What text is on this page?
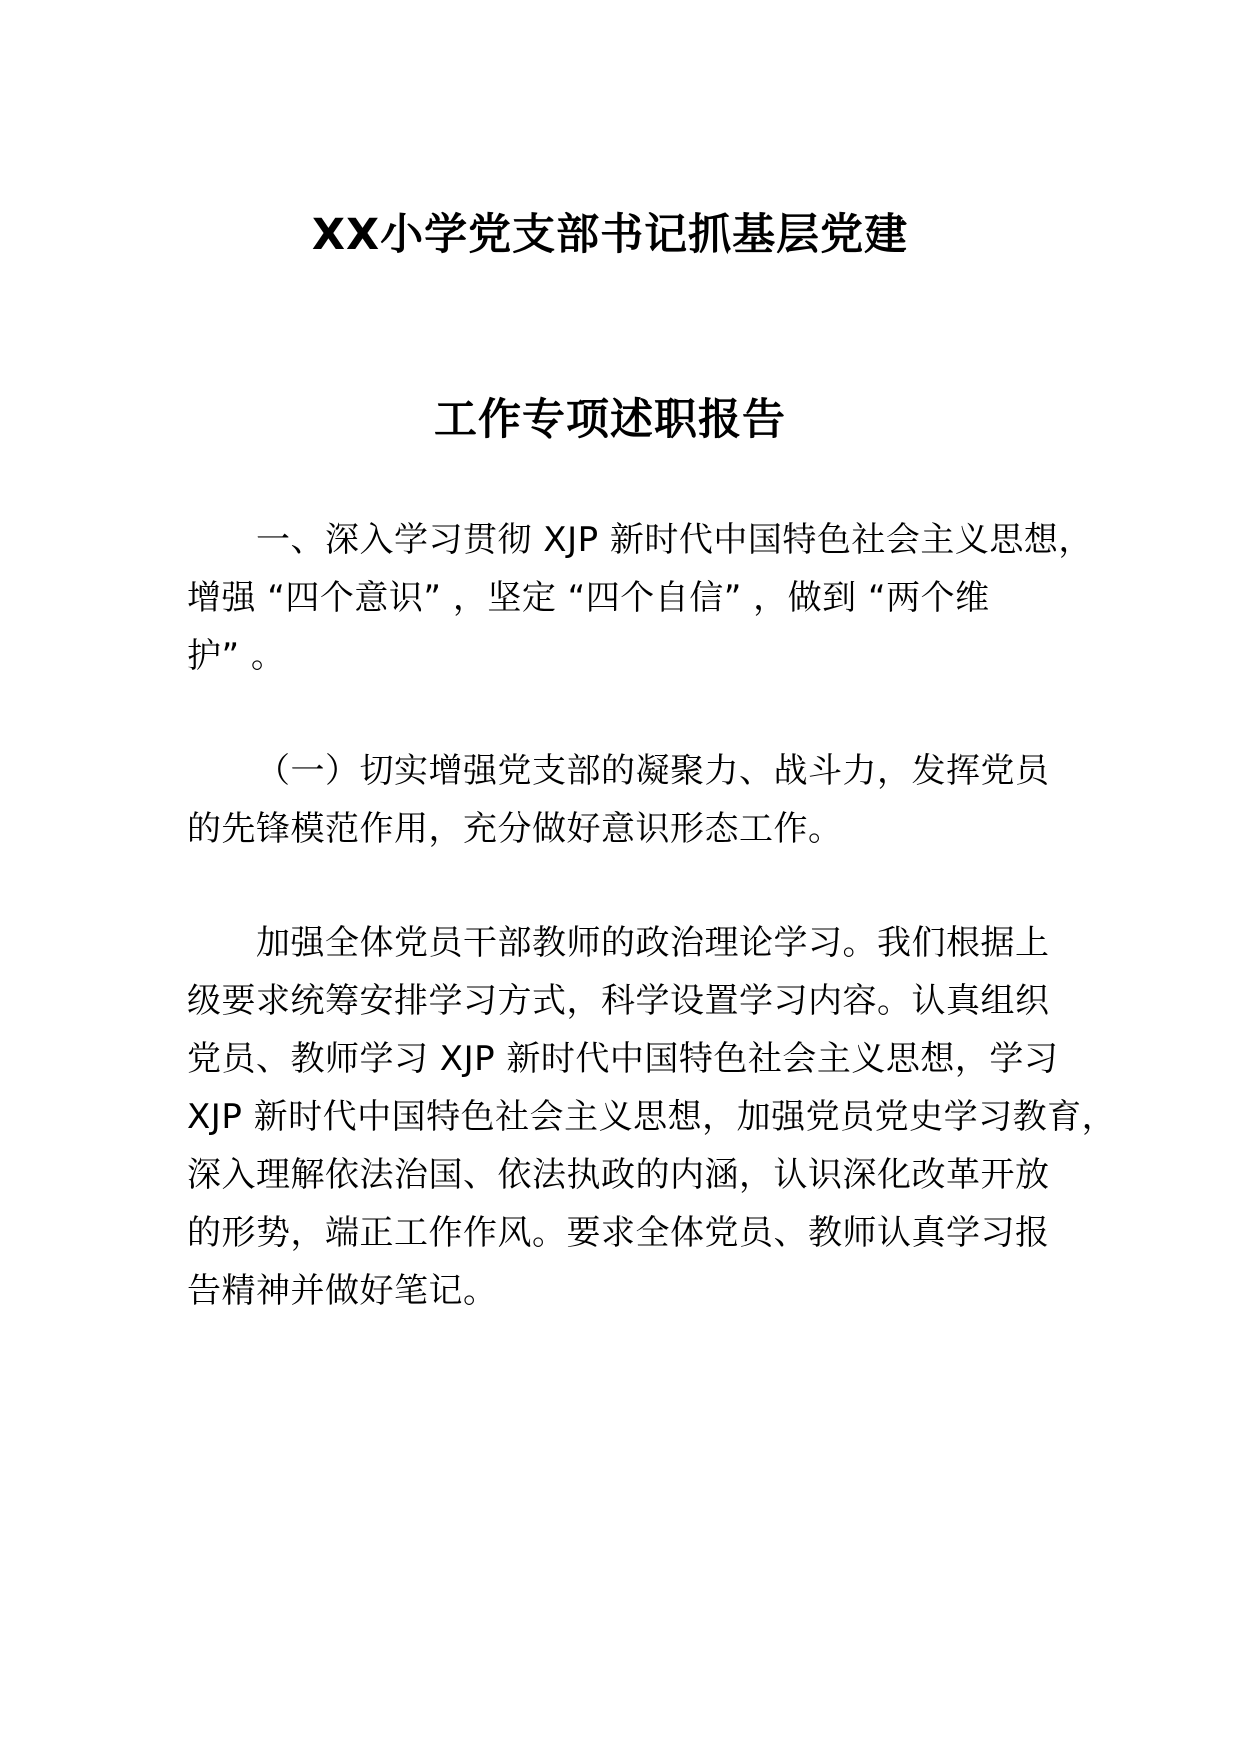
XX小学党支部书记抓基层党建
工作专项述职报告
一、深入学习贯彻 XJP 新时代中国特色社会主义思想，
增强 “四个意识” ，坚定 “四个自信” ，做到 “两个维
护” 。
（一）切实增强党支部的凝聚力、战斗力，发挥党员
的先锋模范作用，充分做好意识形态工作。
加强全体党员干部教师的政治理论学习。我们根据上
级要求统筹安排学习方式，科学设置学习内容。认真组织
党员、教师学习 XJP 新时代中国特色社会主义思想，学习
XJP 新时代中国特色社会主义思想，加强党员党史学习教育，
深入理解依法治国、依法执政的内涵，认识深化改革开放
的形势，端正工作作风。要求全体党员、教师认真学习报
告精神并做好笔记。
